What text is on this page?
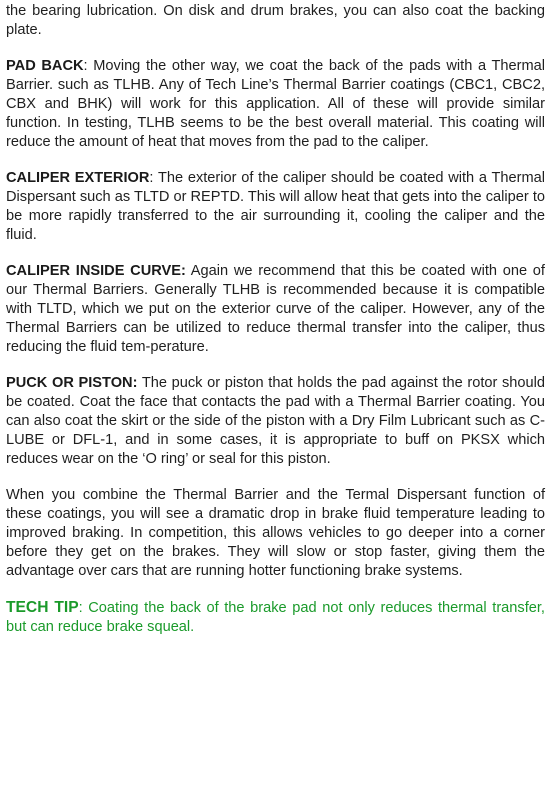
the bearing lubrication. On disk and drum brakes, you can also coat the backing plate.

PAD BACK: Moving the other way, we coat the back of the pads with a Thermal Barrier. such as TLHB. Any of Tech Line’s Thermal Barrier coatings (CBC1, CBC2, CBX and BHK) will work for this application. All of these will provide similar function. In testing, TLHB seems to be the best overall material. This coating will reduce the amount of heat that moves from the pad to the caliper.

CALIPER EXTERIOR: The exterior of the caliper should be coated with a Thermal Dispersant such as TLTD or REPTD. This will allow heat that gets into the caliper to be more rapidly transferred to the air surrounding it, cooling the caliper and the fluid.

CALIPER INSIDE CURVE: Again we recommend that this be coated with one of our Thermal Barriers. Generally TLHB is recommended because it is compatible with TLTD, which we put on the exterior curve of the caliper. However, any of the Thermal Barriers can be utilized to reduce thermal transfer into the caliper, thus reducing the fluid tem-perature.

PUCK OR PISTON: The puck or piston that holds the pad against the rotor should be coated. Coat the face that contacts the pad with a Thermal Barrier coating. You can also coat the skirt or the side of the piston with a Dry Film Lubricant such as C-LUBE or DFL-1, and in some cases, it is appropriate to buff on PKSX which reduces wear on the ‘O ring’ or seal for this piston.

When you combine the Thermal Barrier and the Termal Dispersant function of these coatings, you will see a dramatic drop in brake fluid temperature leading to improved braking. In competition, this allows vehicles to go deeper into a corner before they get on the brakes. They will slow or stop faster, giving them the advantage over cars that are running hotter functioning brake systems.

TECH TIP: Coating the back of the brake pad not only reduces thermal transfer, but can reduce brake squeal.
